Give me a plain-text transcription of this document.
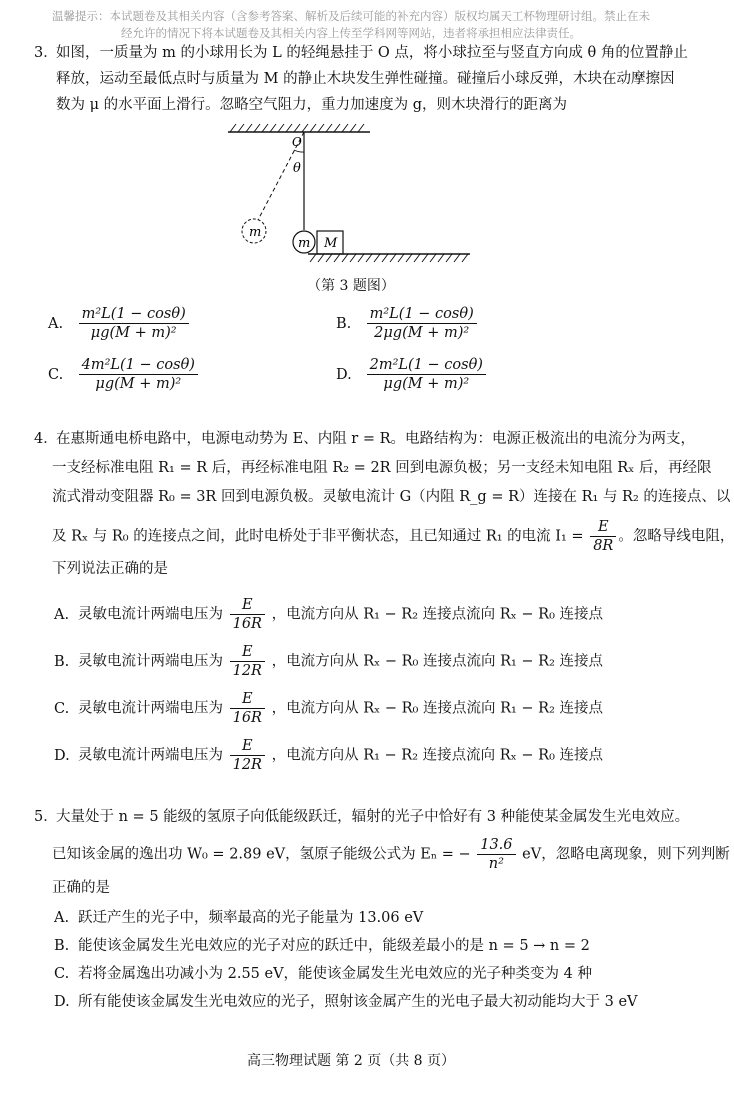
温馨提示：本试题卷及其相关内容（含参考答案、解析及后续可能的补充内容）版权均属天工杯物理研讨组。禁止在未
经允许的情况下将本试题卷及其相关内容上传至学科网等网站，违者将承担相应法律责任。
3．
如图，一质量为 m 的小球用长为 L 的轻绳悬挂于 O 点，将小球拉至与竖直方向成 θ 角的位置静止
释放，运动至最低点时与质量为 M 的静止木块发生弹性碰撞。碰撞后小球反弹，木块在动摩擦因
数为 μ 的水平面上滑行。忽略空气阻力，重力加速度为 g，则木块滑行的距离为
θ
O
m
m M
（第 3 题图）
A. $\frac{\text{m²L(1 − cosθ)}}{\text{μg(M + m)²}}$	B. $\frac{\text{m²L(1 − cosθ)}}{\text{2μg(M + m)²}}$
C. $\frac{\text{4m²L(1 − cosθ)}}{\text{μg(M + m)²}}$	D. $\frac{\text{2m²L(1 − cosθ)}}{\text{μg(M + m)²}}$
4．
在惠斯通电桥电路中，电源电动势为 E、内阻 r = R。电路结构为：电源正极流出的电流分为两支，
一支经标准电阻 R₁ = R 后，再经标准电阻 R₂ = 2R 回到电源负极；另一支经未知电阻 Rₓ 后，再经限
流式滑动变阻器 R₀ = 3R 回到电源负极。灵敏电流计 G（内阻 R_g = R）连接在 R₁ 与 R₂ 的连接点、以
及 Rₓ 与 R₀ 的连接点之间，此时电桥处于非平衡状态，且已知通过 R₁ 的电流 $I_1 = \frac{E}{8R}$ 。忽略导线电阻，
下列说法正确的是
A. 灵敏电流计两端电压为 $\frac{E}{16R}$ ，电流方向从 R₁ − R₂ 连接点流向 Rₓ − R₀ 连接点
B. 灵敏电流计两端电压为 $\frac{E}{12R}$ ，电流方向从 Rₓ − R₀ 连接点流向 R₁ − R₂ 连接点
C. 灵敏电流计两端电压为 $\frac{E}{16R}$ ，电流方向从 Rₓ − R₀ 连接点流向 R₁ − R₂ 连接点
D. 灵敏电流计两端电压为 $\frac{E}{12R}$ ，电流方向从 R₁ − R₂ 连接点流向 Rₓ − R₀ 连接点
5．
大量处于 n = 5 能级的氢原子向低能级跃迁，辐射的光子中恰好有 3 种能使某金属发生光电效应。
已知该金属的逸出功 W₀ = 2.89 eV，氢原子能级公式为 Eₙ = − $\frac{13.6}{\text{n²}}$ eV，忽略电离现象，则下列判断
正确的是
A. 跃迁产生的光子中，频率最高的光子能量为 13.06 eV
B. 能使该金属发生光电效应的光子对应的跃迁中，能级差最小的是 n = 5 → n = 2
C. 若将金属逸出功减小为 2.55 eV，能使该金属发生光电效应的光子种类变为 4 种
D. 所有能使该金属发生光电效应的光子，照射该金属产生的光电子最大初动能均大于 3 eV
高三物理试题 第 2 页（共 8 页）
